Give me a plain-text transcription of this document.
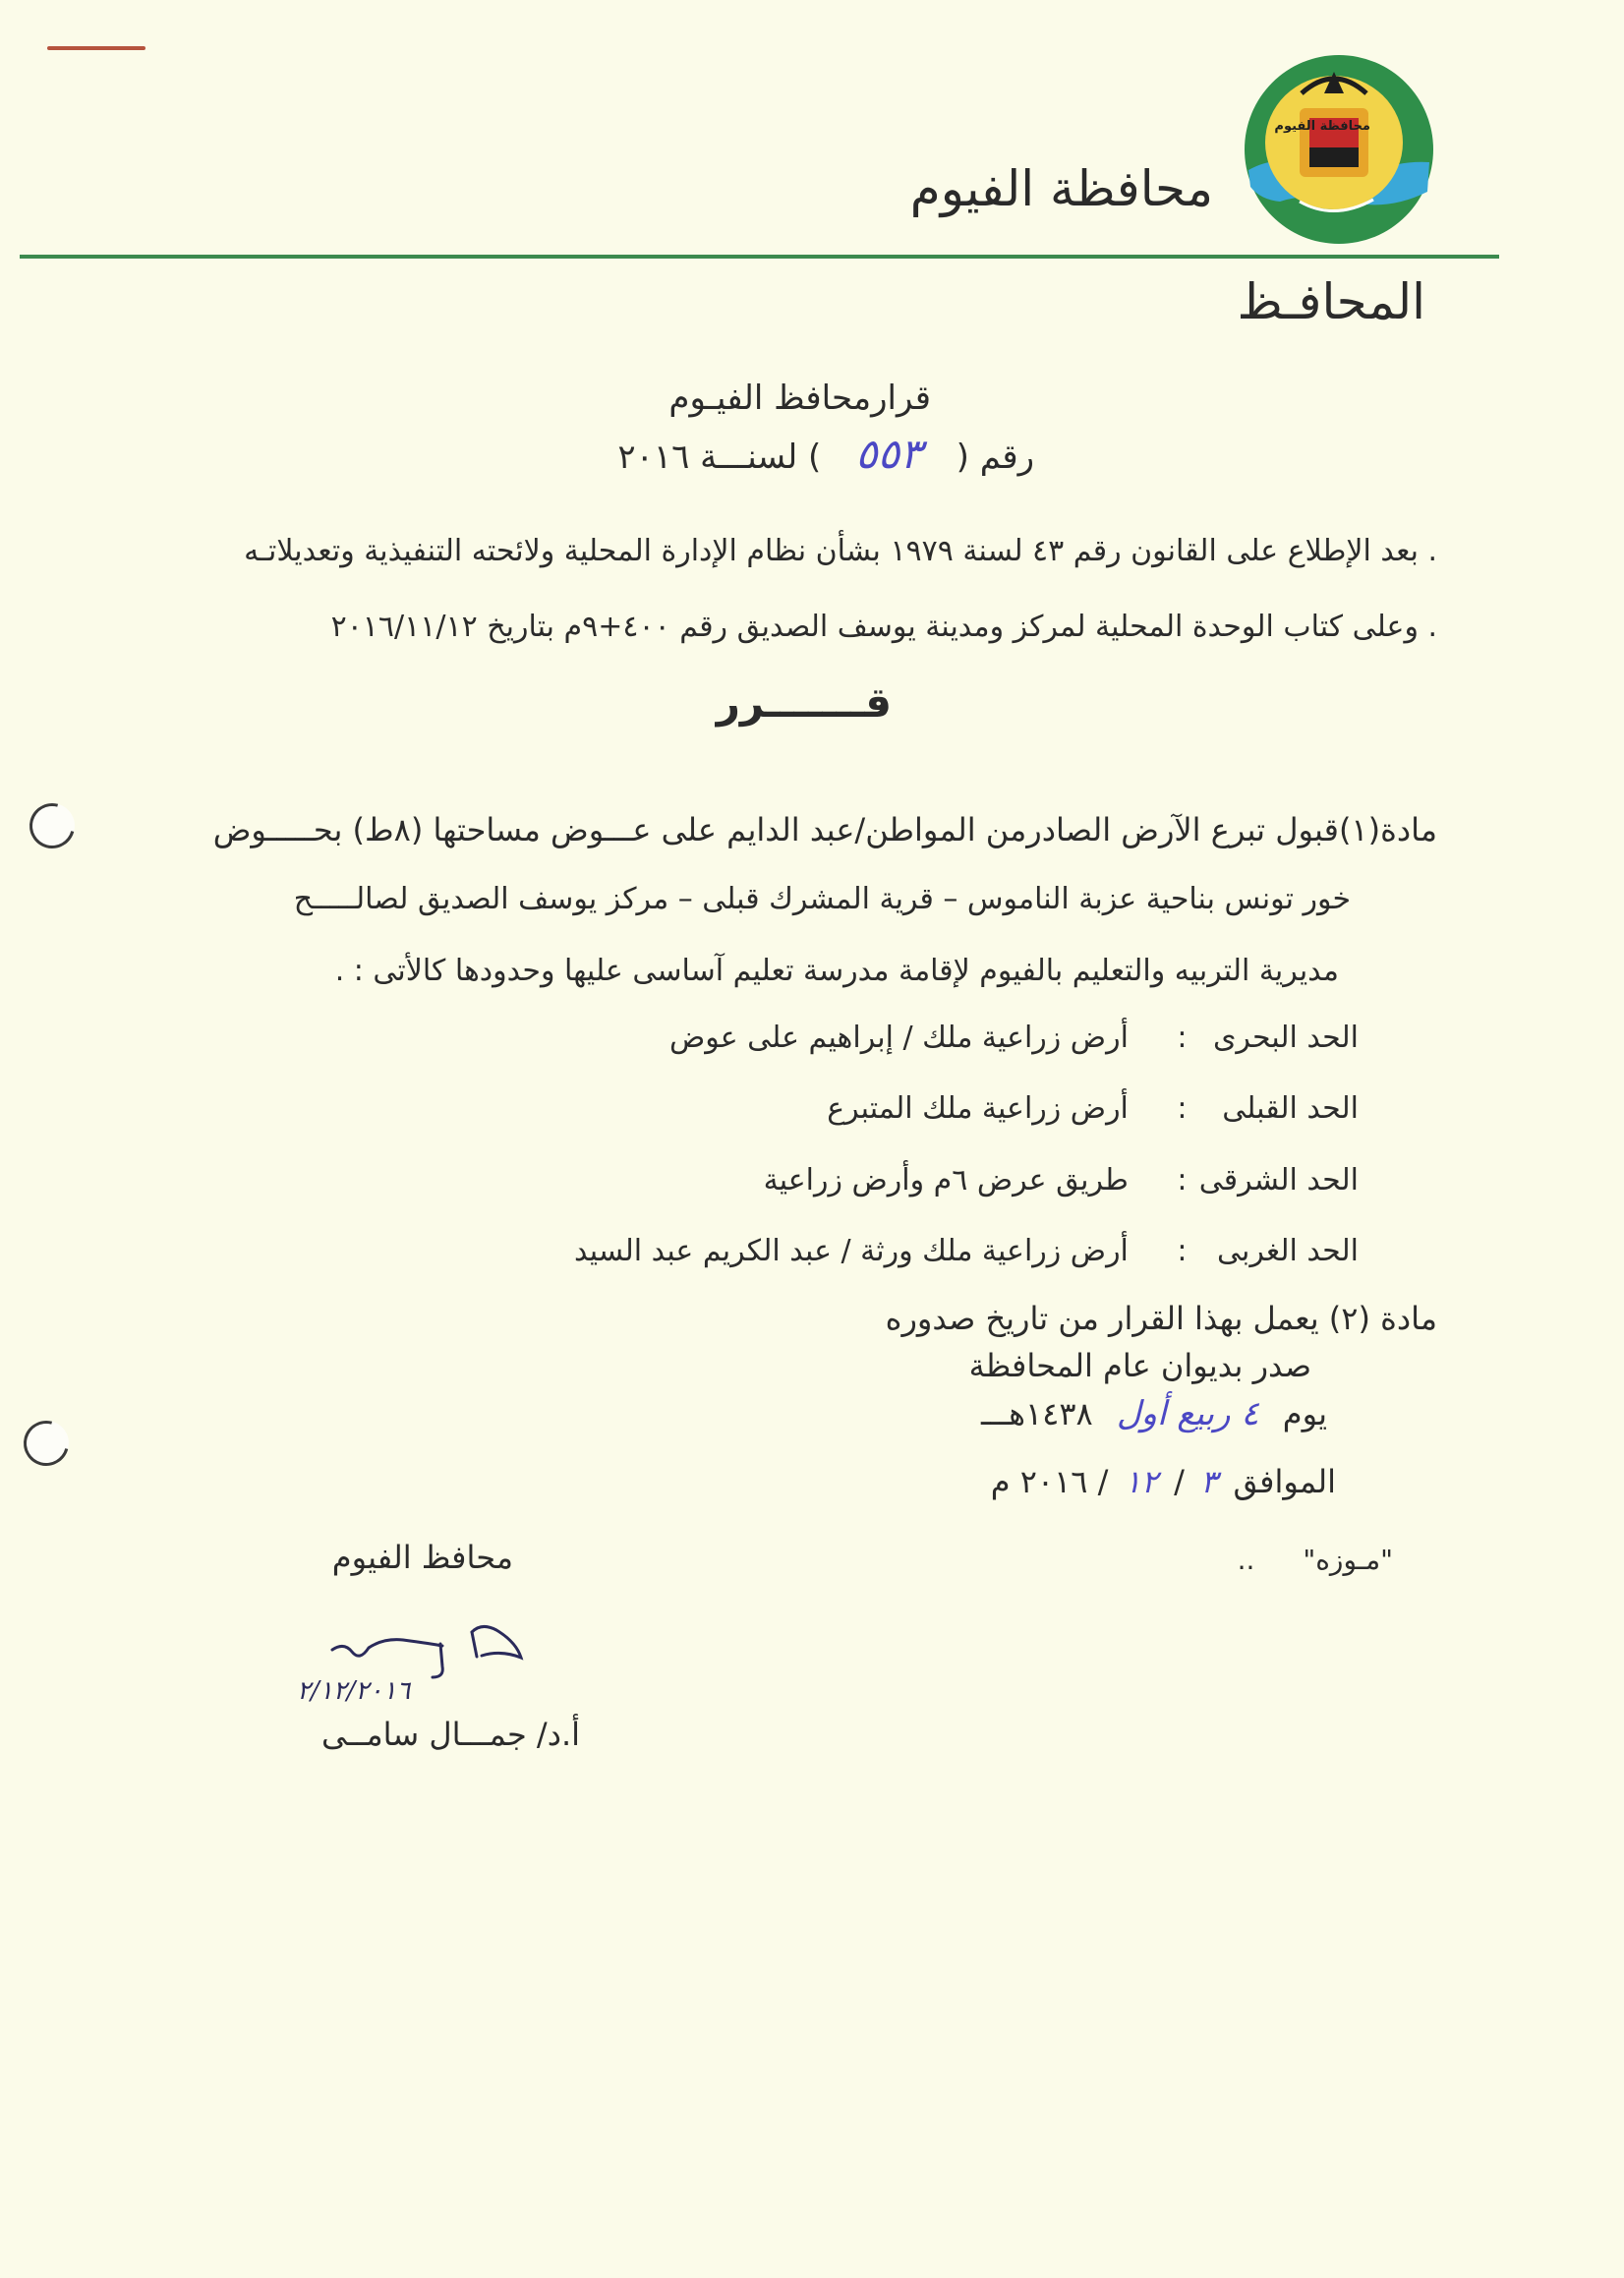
محافظة الفيوم
محافظة الفيوم
المحافـظ
قرارمحافظ الفيـوم
رقم ( ٥٥٣ ) لسنـــة ٢٠١٦
. بعد الإطلاع على القانون رقم ٤٣ لسنة ١٩٧٩ بشأن نظام الإدارة المحلية ولائحته التنفيذية وتعديلاتـه
. وعلى كتاب الوحدة المحلية لمركز ومدينة يوسف الصديق رقم ٤٠٠+٩م بتاريخ ٢٠١٦/١١/١٢
قـــــــرر
مادة(١)قبول تبرع الآرض الصادرمن المواطن/عبد الدايم على عـــوض مساحتها (٨ط) بحـــــوض
خور تونس بناحية عزبة الناموس – قرية المشرك قبلى – مركز يوسف الصديق لصالـــــح
مديرية التربيه والتعليم بالفيوم لإقامة مدرسة تعليم آساسى عليها وحدودها كالأتى : .
الحد البحرى : أرض زراعية ملك / إبراهيم على عوض
الحد القبلى : أرض زراعية ملك المتبرع
الحد الشرقى : طريق عرض ٦م وأرض زراعية
الحد الغربى : أرض زراعية ملك ورثة / عبد الكريم عبد السيد
مادة (٢) يعمل بهذا القرار من تاريخ صدوره
صدر بديوان عام المحافظة
يوم ٤ ربيع أول ١٤٣٨هـــ
الموافق ٣ / ١٢ / ٢٠١٦ م
"مـوزه" ..
محافظ الفيوم
٢/١٢/٢٠١٦
أ.د/ جمـــال سامــى
